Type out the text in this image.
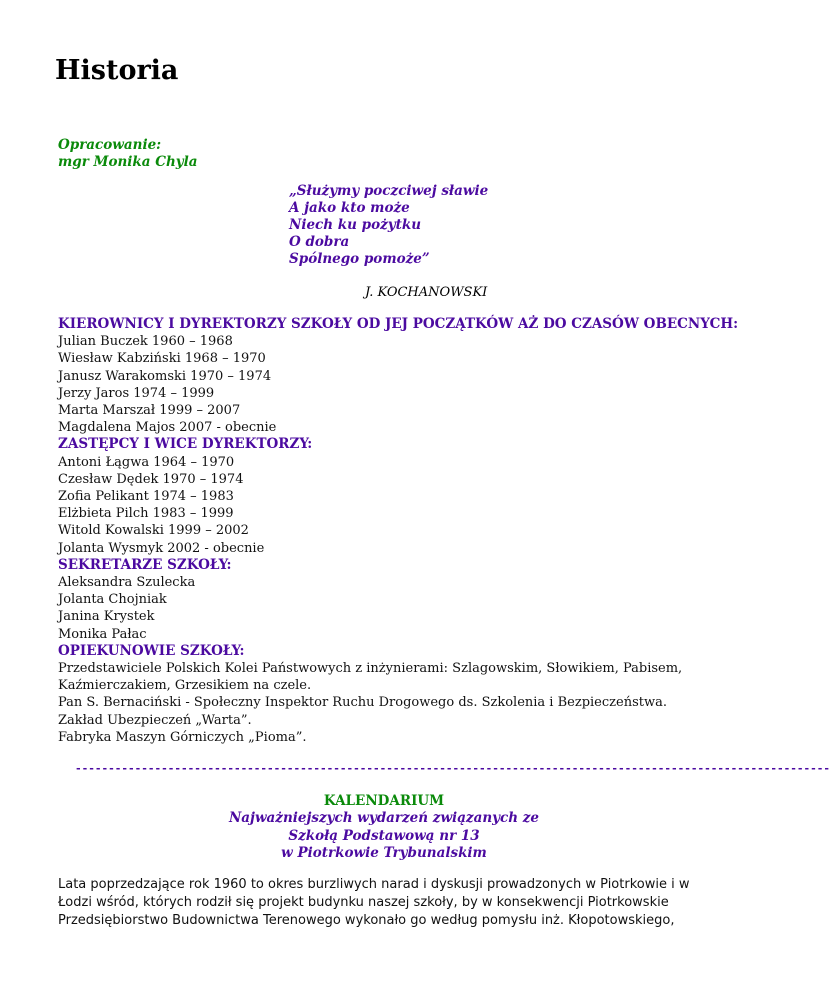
Historia
Opracowanie:
mgr Monika Chyla
„Służymy poczciwej sławie
A jako kto może
Niech ku pożytku
O dobra
Spólnego pomoże”
J. KOCHANOWSKI
KIEROWNICY I DYREKTORZY SZKOŁY OD JEJ POCZĄTKÓW AŻ DO CZASÓW OBECNYCH:
Julian Buczek 1960 – 1968
Wiesław Kabziński 1968 – 1970
Janusz Warakomski 1970 – 1974
Jerzy Jaros 1974 – 1999
Marta Marszał 1999 – 2007
Magdalena Majos 2007 - obecnie
ZASTĘPCY I WICE DYREKTORZY:
Antoni Łągwa 1964 – 1970
Czesław Dędek 1970 – 1974
Zofia Pelikant 1974 – 1983
Elżbieta Pilch 1983 – 1999
Witold Kowalski 1999 – 2002
Jolanta Wysmyk 2002 - obecnie
SEKRETARZE SZKOŁY:
Aleksandra Szulecka
Jolanta Chojniak
Janina Krystek
Monika Pałac
OPIEKUNOWIE SZKOŁY:
Przedstawiciele Polskich Kolei Państwowych z inżynierami: Szlagowskim, Słowikiem, Pabisem, Kaźmierczakiem, Grzesikiem na czele.
Pan S. Bernaciński - Społeczny Inspektor Ruchu Drogowego ds. Szkolenia i Bezpieczeństwa.
Zakład Ubezpieczeń „Warta”.
Fabryka Maszyn Górniczych „Pioma”.
------------------------------------------------------------------------------------------------------------------
KALENDARIUM
Najważniejszych wydarzeń związanych ze
Szkołą Podstawową nr 13
w Piotrkowie Trybunalskim

Lata poprzedzające rok 1960 to okres burzliwych narad i dyskusji prowadzonych w Piotrkowie i w Łodzi wśród, których rodził się projekt budynku naszej szkoły, by w konsekwencji Piotrkowskie Przedsiębiorstwo Budownictwa Terenowego wykonało go według pomysłu inż. Kłopotowskiego,
